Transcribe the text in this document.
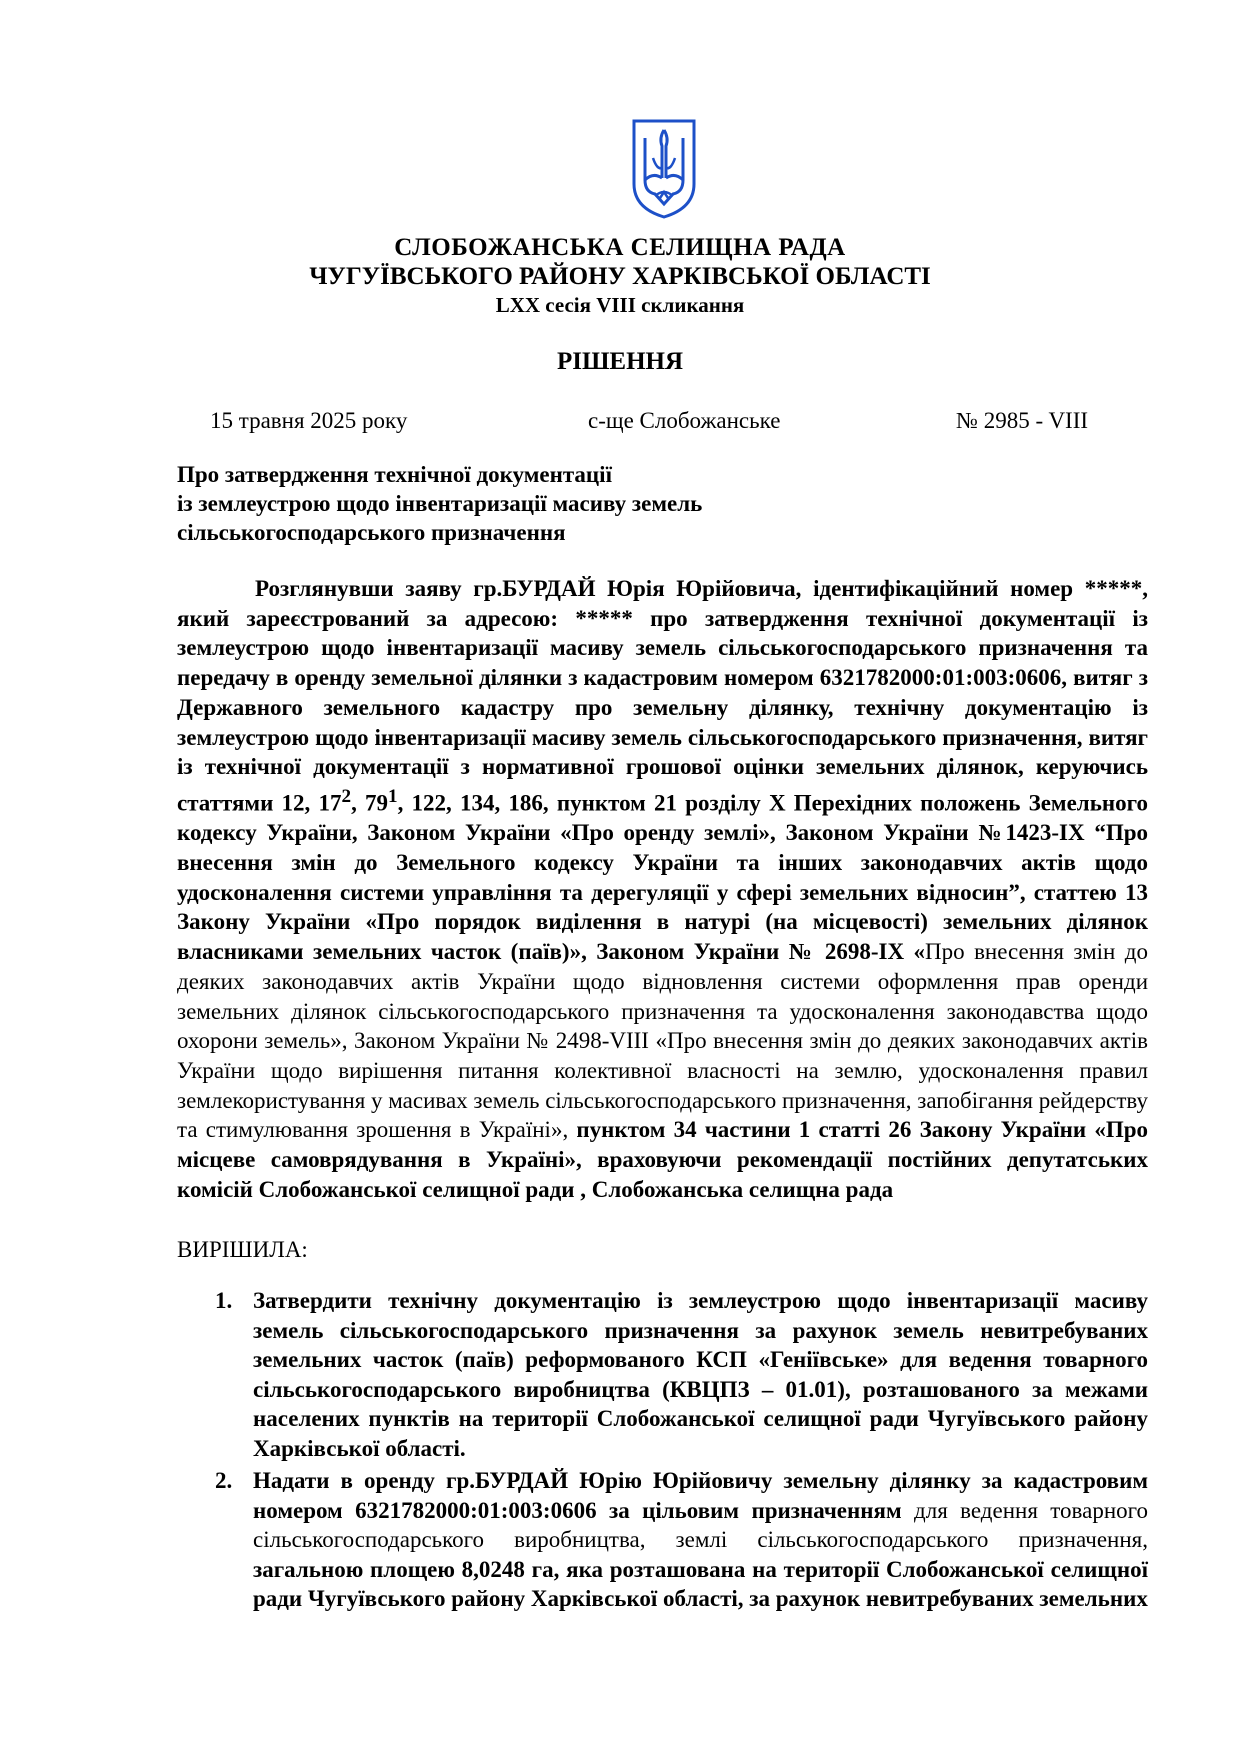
СЛОБОЖАНСЬКА СЕЛИЩНА РАДА
ЧУГУЇВСЬКОГО РАЙОНУ ХАРКІВСЬКОЇ ОБЛАСТІ
LXX сесія VIII скликання
РІШЕННЯ
15 травня 2025 року	с-ще Слобожанське	№ 2985 - VIII
Про затвердження технічної документації
із землеустрою щодо інвентаризації масиву земель
сільськогосподарського призначення
Розглянувши заяву гр.БУРДАЙ Юрія Юрійовича, ідентифікаційний номер *****, який зареєстрований за адресою: ***** про затвердження технічної документації із землеустрою щодо інвентаризації масиву земель сільськогосподарського призначення та передачу в оренду земельної ділянки з кадастровим номером 6321782000:01:003:0606, витяг з Державного земельного кадастру про земельну ділянку, технічну документацію із землеустрою щодо інвентаризації масиву земель сільськогосподарського призначення, витяг із технічної документації з нормативної грошової оцінки земельних ділянок, керуючись статтями 12, $17^2$, $79^1$, 122, 134, 186, пунктом 21 розділу Х Перехідних положень Земельного кодексу України, Законом України «Про оренду землі», Законом України №1423-IX “Про внесення змін до Земельного кодексу України та інших законодавчих актів щодо удосконалення системи управління та дерегуляції у сфері земельних відносин”, статтею 13 Закону України «Про порядок виділення в натурі (на місцевості) земельних ділянок власниками земельних часток (паїв)», Законом України № 2698-IX «Про внесення змін до деяких законодавчих актів України щодо відновлення системи оформлення прав оренди земельних ділянок сільськогосподарського призначення та удосконалення законодавства щодо охорони земель», Законом України № 2498-VIII «Про внесення змін до деяких законодавчих актів України щодо вирішення питання колективної власності на землю, удосконалення правил землекористування у масивах земель сільськогосподарського призначення, запобігання рейдерству та стимулювання зрошення в Україні», пунктом 34 частини 1 статті 26 Закону України «Про місцеве самоврядування в Україні», враховуючи рекомендації постійних депутатських комісій Слобожанської селищної ради , Слобожанська селищна рада
ВИРІШИЛА:
1. Затвердити технічну документацію із землеустрою щодо інвентаризації масиву земель сільськогосподарського призначення за рахунок земель невитребуваних земельних часток (паїв) реформованого КСП «Геніївське» для ведення товарного сільськогосподарського виробництва (КВЦПЗ – 01.01), розташованого за межами населених пунктів на території Слобожанської селищної ради Чугуївського району Харківської області.
2. Надати в оренду гр.БУРДАЙ Юрію Юрійовичу земельну ділянку за кадастровим номером 6321782000:01:003:0606 за цільовим призначенням для ведення товарного сільськогосподарського виробництва, землі сільськогосподарського призначення, загальною площею 8,0248 га, яка розташована на території Слобожанської селищної ради Чугуївського району Харківської області, за рахунок невитребуваних земельних
